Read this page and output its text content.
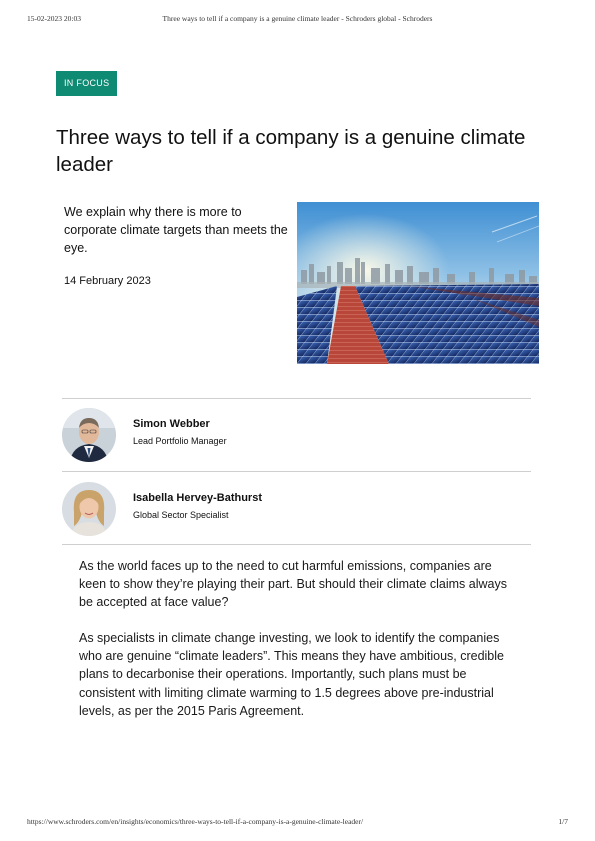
15-02-2023 20:03	Three ways to tell if a company is a genuine climate leader - Schroders global - Schroders
IN FOCUS
Three ways to tell if a company is a genuine climate leader

We explain why there is more to corporate climate targets than meets the eye.

14 February 2023
Simon Webber
Lead Portfolio Manager
Isabella Hervey-Bathurst
Global Sector Specialist

As the world faces up to the need to cut harmful emissions, companies are keen to show they’re playing their part. But should their climate claims always be accepted at face value?

As specialists in climate change investing, we look to identify the companies who are genuine “climate leaders”. This means they have ambitious, credible plans to decarbonise their operations. Importantly, such plans must be consistent with limiting climate warming to 1.5 degrees above pre-industrial levels, as per the 2015 Paris Agreement.

https://www.schroders.com/en/insights/economics/three-ways-to-tell-if-a-company-is-a-genuine-climate-leader/	1/7
